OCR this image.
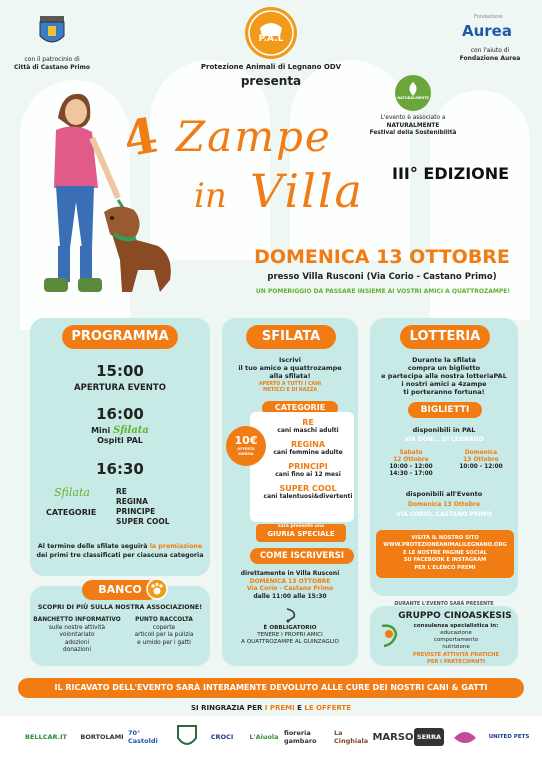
con il patrocinio di
Città di Castano Primo
P.A.L
Protezione Animali di Legnano ODV
presenta
Fondazione
Aurea
con l'aiuto di
Fondazione Aurea
NATURALMENTE
L'evento è associato a
NATURALMENTE
Festival della Sostenibilità
4 Zampe
in Villa III° EDIZIONE
DOMENICA 13 OTTOBRE
presso Villa Rusconi (Via Corio - Castano Primo)
UN POMERIGGIO DA PASSARE INSIEME AI VOSTRI AMICI A QUATTROZAMPE!
PROGRAMMA
15:00
APERTURA EVENTO
16:00
Mini Sfilata
Ospiti PAL
16:30
Sfilata
CATEGORIE
RE
REGINA
PRINCIPE
SUPER COOL
Al termine delle sfilate seguirà la premiazione dei primi tre classificati per ciascuna categoria
BANCO
SCOPRI DI PIÙ SULLA NOSTRA ASSOCIAZIONE!
BANCHETTO INFORMATIVO
sulle nostre attività
volontariato
adozioni
donazioni
PUNTO RACCOLTA
coperte
articoli per la pulizia
e umido per i gatti
SFILATA
Iscrivi
il tuo amico a quattrozampe
alla sfilata!
APERTO A TUTTI I CANI
METICCI E DI RAZZA
CATEGORIE
10€
OFFERTA MINIMA
RE
cani maschi adulti
REGINA
cani femmine adulte
PRINCIPI
cani fino ai 12 mesi
SUPER COOL
cani talentuosi&divertenti
sarà presente una
GIURIA SPECIALE
COME ISCRIVERSI
direttamente in Villa Rusconi
DOMENICA 13 OTTOBRE
Via Corio - Castano Primo
dalle 11:00 alle 15:30
È OBBLIGATORIO
TENERE I PROPRI AMICI
A QUATTROZAMPE AL GUINZAGLIO
LOTTERIA
Durante la sfilata
compra un biglietto
e partecipa alla nostra lotteriaPAL
i nostri amici a 4zampe
ti porteranno fortuna!
BIGLIETTI
disponibili in PAL
VIA DON... DI LEGNANO
Sabato
12 Ottobre
10:00 - 12:00
14:30 - 17:00
Domenica
13 Ottobre
10:00 - 12:00
disponibili all'Evento
Domenica 13 Ottobre
VIA CORIO, CASTANO PRIMO
VISITA IL NOSTRO SITO
WWW.PROTEZIONEANIMALILEGNANO.ORG
E LE NOSTRE PAGINE SOCIAL
SU FACEBOOK E INSTAGRAM
PER L'ELENCO PREMI
DURANTE L'EVENTO SARÀ PRESENTE
GRUPPO CINOASKESIS
consulenza specialistica in:
educazione
comportamento
nutrizione
PREVISTE ATTIVITÀ PRATICHE
PER I PARTECIPANTI
IL RICAVATO DELL'EVENTO SARÀ INTERAMENTE DEVOLUTO ALLE CURE DEI NOSTRI CANI & GATTI
SI RINGRAZIA PER I PREMI E LE OFFERTE
BELLCAR.IT BORTOLAMI 70° Castoldi	CROCI L'Aiuola fioreria gambaro
La Cinghiala MARSO SERRA	UNITED PETS
